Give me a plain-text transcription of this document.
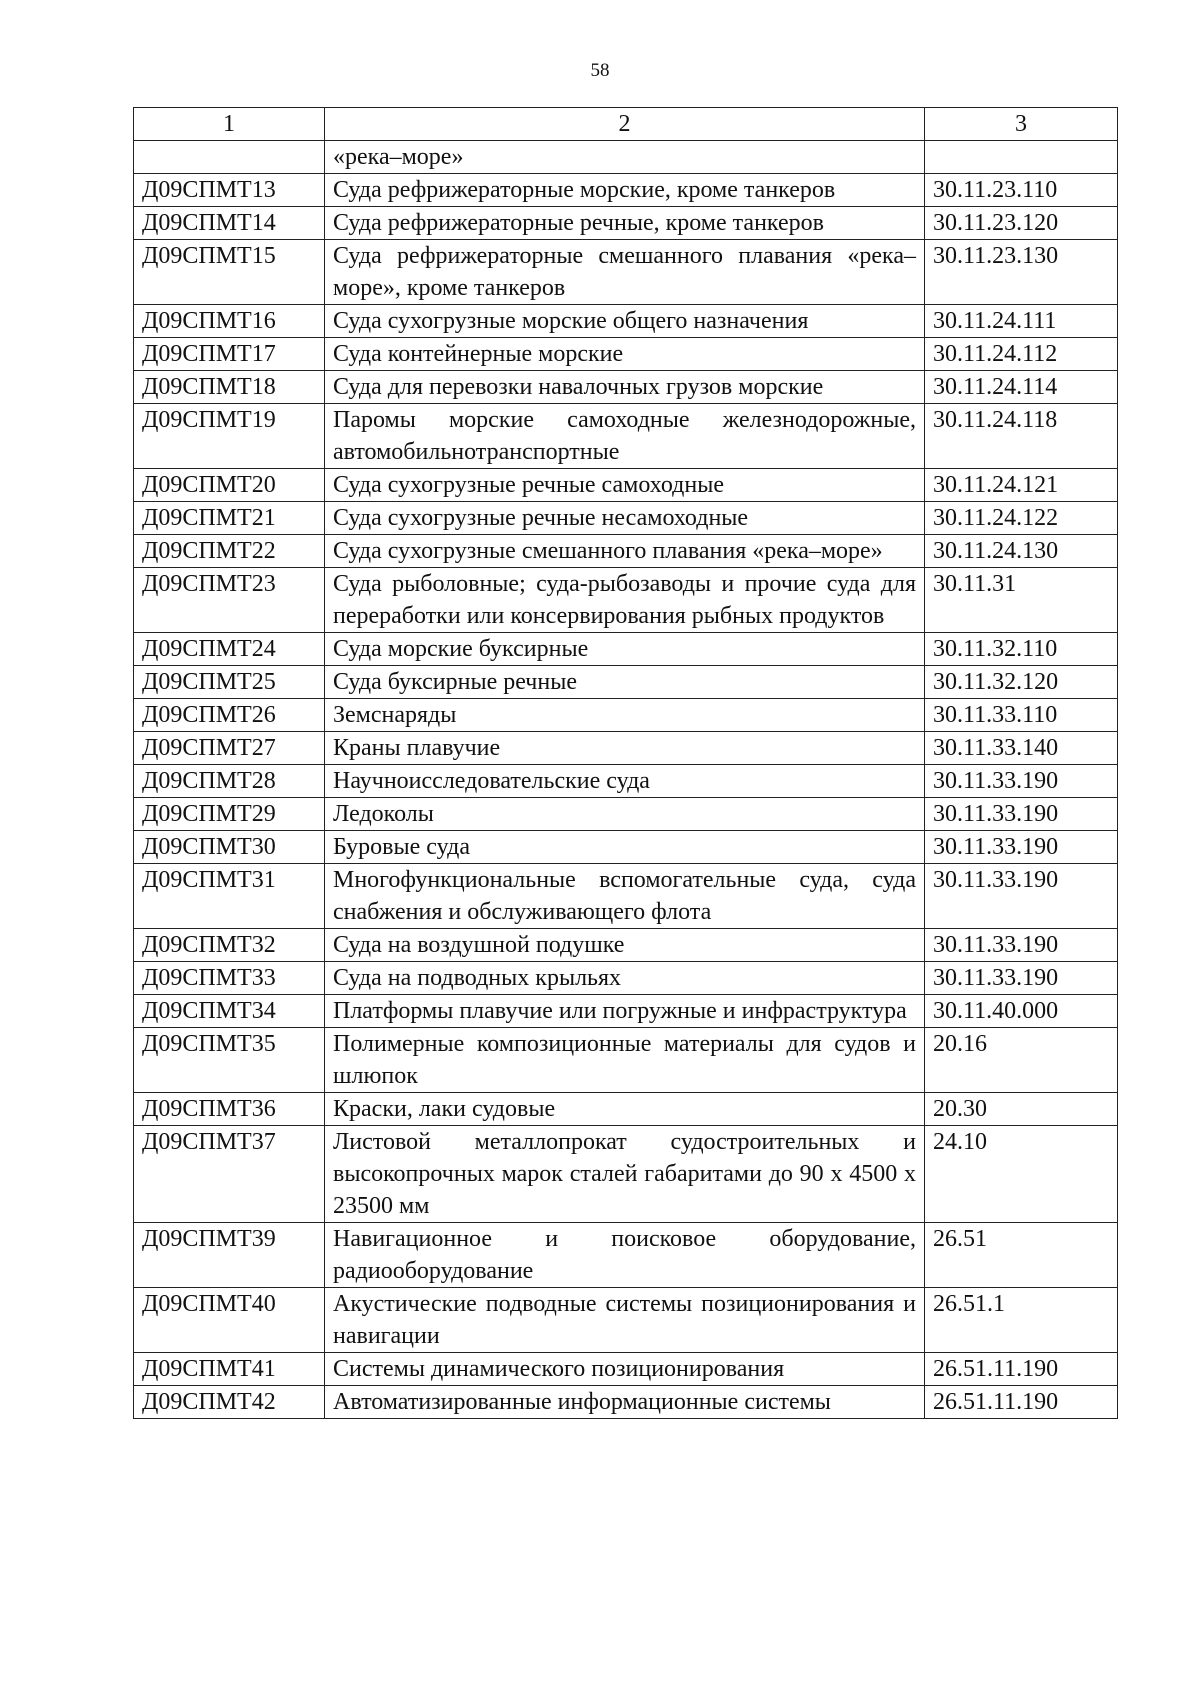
58
1	2	3
	«река–море»	
Д09СПМТ13	Суда рефрижераторные морские, кроме танкеров	30.11.23.110
Д09СПМТ14	Суда рефрижераторные речные, кроме танкеров	30.11.23.120
Д09СПМТ15	Суда рефрижераторные смешанного плавания «река–море», кроме танкеров	30.11.23.130
Д09СПМТ16	Суда сухогрузные морские общего назначения	30.11.24.111
Д09СПМТ17	Суда контейнерные морские	30.11.24.112
Д09СПМТ18	Суда для перевозки навалочных грузов морские	30.11.24.114
Д09СПМТ19	Паромы морские самоходные железнодорожные, автомобильнотранспортные	30.11.24.118
Д09СПМТ20	Суда сухогрузные речные самоходные	30.11.24.121
Д09СПМТ21	Суда сухогрузные речные несамоходные	30.11.24.122
Д09СПМТ22	Суда сухогрузные смешанного плавания «река–море»	30.11.24.130
Д09СПМТ23	Суда рыболовные; суда-рыбозаводы и прочие суда для переработки или консервирования рыбных продуктов	30.11.31
Д09СПМТ24	Суда морские буксирные	30.11.32.110
Д09СПМТ25	Суда буксирные речные	30.11.32.120
Д09СПМТ26	Земснаряды	30.11.33.110
Д09СПМТ27	Краны плавучие	30.11.33.140
Д09СПМТ28	Научноисследовательские суда	30.11.33.190
Д09СПМТ29	Ледоколы	30.11.33.190
Д09СПМТ30	Буровые суда	30.11.33.190
Д09СПМТ31	Многофункциональные вспомогательные суда, суда снабжения и обслуживающего флота	30.11.33.190
Д09СПМТ32	Суда на воздушной подушке	30.11.33.190
Д09СПМТ33	Суда на подводных крыльях	30.11.33.190
Д09СПМТ34	Платформы плавучие или погружные и инфраструктура	30.11.40.000
Д09СПМТ35	Полимерные композиционные материалы для судов и шлюпок	20.16
Д09СПМТ36	Краски, лаки судовые	20.30
Д09СПМТ37	Листовой металлопрокат судостроительных и высокопрочных марок сталей габаритами до 90 х 4500 х 23500 мм	24.10
Д09СПМТ39	Навигационное и поисковое оборудование, радиооборудование	26.51
Д09СПМТ40	Акустические подводные системы позиционирования и навигации	26.51.1
Д09СПМТ41	Системы динамического позиционирования	26.51.11.190
Д09СПМТ42	Автоматизированные информационные системы	26.51.11.190
